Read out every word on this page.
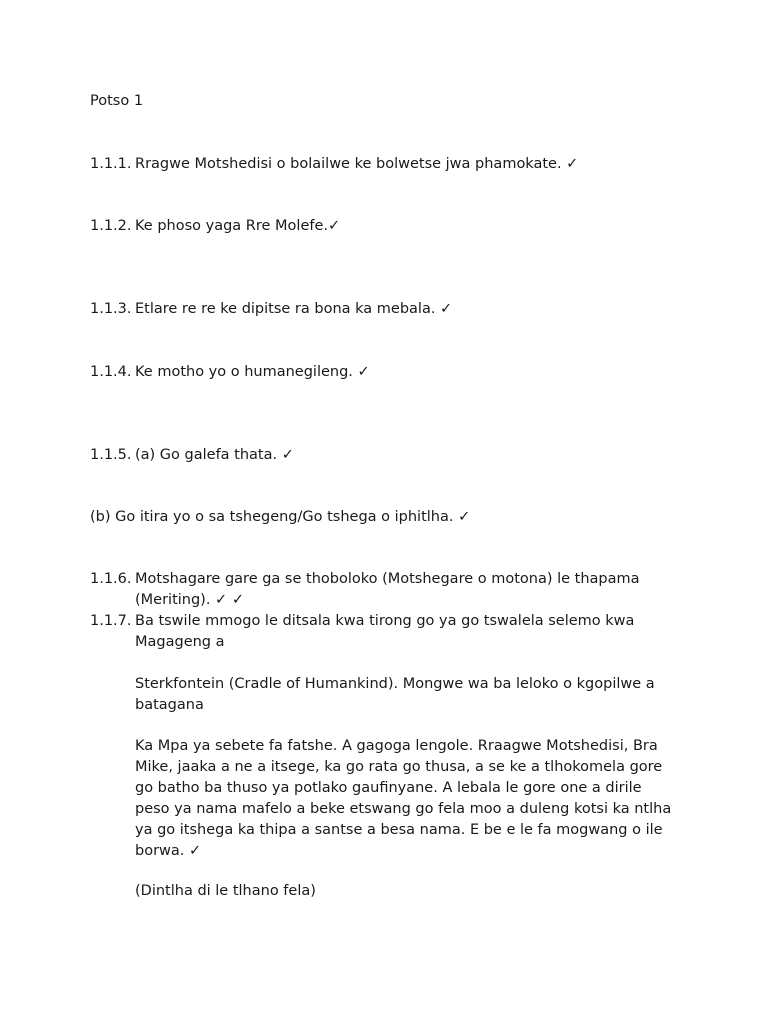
Potso 1
1.1.1. Rragwe Motshedisi o bolailwe ke bolwetse jwa phamokate. ✓
1.1.2. Ke phoso yaga Rre Molefe.✓
1.1.3. Etlare re re ke dipitse ra bona ka mebala. ✓
1.1.4. Ke motho yo o humanegileng. ✓
1.1.5. (a) Go galefa thata. ✓
(b) Go itira yo o sa tshegeng/Go tshega o iphitlha. ✓
1.1.6. Motshagare gare ga se thoboloko (Motshegare o motona) le thapama (Meriting). ✓ ✓
1.1.7. Ba tswile mmogo le ditsala kwa tirong go ya go tswalela selemo kwa Magageng a
Sterkfontein (Cradle of Humankind). Mongwe wa ba leloko o kgopilwe a batagana
Ka Mpa ya sebete fa fatshe. A gagoga lengole. Rraagwe Motshedisi, Bra Mike, jaaka a ne a itsege, ka go rata go thusa, a se ke a tlhokomela gore go batho ba thuso ya potlako gaufinyane. A lebala le gore one a dirile peso ya nama mafelo a beke etswang go fela moo a duleng kotsi ka ntlha ya go itshega ka thipa a santse a besa nama. E be e le fa mogwang o ile borwa. ✓
(Dintlha di le tlhano fela)
